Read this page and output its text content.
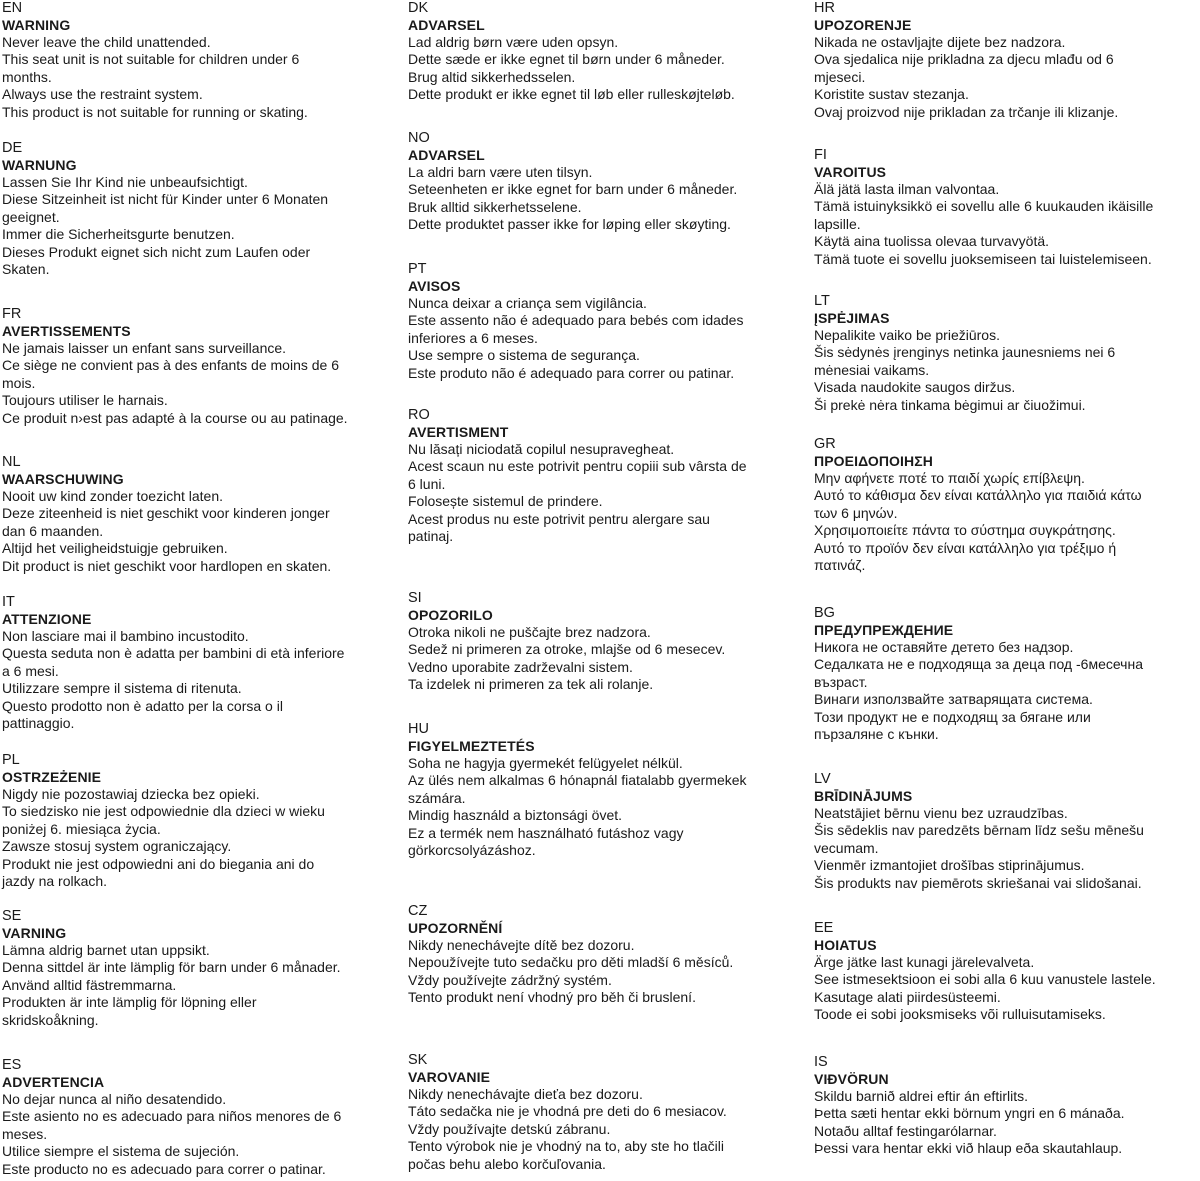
EN
WARNING
Never leave the child unattended.
This seat unit is not suitable for children under 6
months.
Always use the restraint system.
This product is not suitable for running or skating.
DE
WARNUNG
Lassen Sie Ihr Kind nie unbeaufsichtigt.
Diese Sitzeinheit ist nicht für Kinder unter 6 Monaten
geeignet.
Immer die Sicherheitsgurte benutzen.
Dieses Produkt eignet sich nicht zum Laufen oder
Skaten.
FR
AVERTISSEMENTS
Ne jamais laisser un enfant sans surveillance.
Ce siège ne convient pas à des enfants de moins de 6
mois.
Toujours utiliser le harnais.
Ce produit n›est pas adapté à la course ou au patinage.
NL
WAARSCHUWING
Nooit uw kind zonder toezicht laten.
Deze ziteenheid is niet geschikt voor kinderen jonger
dan 6 maanden.
Altijd het veiligheidstuigje gebruiken.
Dit product is niet geschikt voor hardlopen en skaten.
IT
ATTENZIONE
Non lasciare mai il bambino incustodito.
Questa seduta non è adatta per bambini di età inferiore
a 6 mesi.
Utilizzare sempre il sistema di ritenuta.
Questo prodotto non è adatto per la corsa o il
pattinaggio.
PL
OSTRZEŻENIE
Nigdy nie pozostawiaj dziecka bez opieki.
To siedzisko nie jest odpowiednie dla dzieci w wieku
poniżej 6. miesiąca życia.
Zawsze stosuj system ograniczający.
Produkt nie jest odpowiedni ani do biegania ani do
jazdy na rolkach.
SE
VARNING
Lämna aldrig barnet utan uppsikt.
Denna sittdel är inte lämplig för barn under 6 månader.
Använd alltid fästremmarna.
Produkten är inte lämplig för löpning eller
skridskoåkning.
ES
ADVERTENCIA
No dejar nunca al niño desatendido.
Este asiento no es adecuado para niños menores de 6
meses.
Utilice siempre el sistema de sujeción.
Este producto no es adecuado para correr o patinar.
DK
ADVARSEL
Lad aldrig børn være uden opsyn.
Dette sæde er ikke egnet til børn under 6 måneder.
Brug altid sikkerhedsselen.
Dette produkt er ikke egnet til løb eller rulleskøjteløb.
NO
ADVARSEL
La aldri barn være uten tilsyn.
Seteenheten er ikke egnet for barn under 6 måneder.
Bruk alltid sikkerhetsselene.
Dette produktet passer ikke for løping eller skøyting.
PT
AVISOS
Nunca deixar a criança sem vigilância.
Este assento não é adequado para bebés com idades
inferiores a 6 meses.
Use sempre o sistema de segurança.
Este produto não é adequado para correr ou patinar.
RO
AVERTISMENT
Nu lăsați niciodată copilul nesupravegheat.
Acest scaun nu este potrivit pentru copiii sub vârsta de
6 luni.
Folosește sistemul de prindere.
Acest produs nu este potrivit pentru alergare sau
patinaj.
SI
OPOZORILO
Otroka nikoli ne puščajte brez nadzora.
Sedež ni primeren za otroke, mlajše od 6 mesecev.
Vedno uporabite zadrževalni sistem.
Ta izdelek ni primeren za tek ali rolanje.
HU
FIGYELMEZTETÉS
Soha ne hagyja gyermekét felügyelet nélkül.
Az ülés nem alkalmas 6 hónapnál fiatalabb gyermekek
számára.
Mindig használd a biztonsági övet.
Ez a termék nem használható futáshoz vagy
görkorcsolyázáshoz.
CZ
UPOZORNĚNÍ
Nikdy nenechávejte dítě bez dozoru.
Nepoužívejte tuto sedačku pro děti mladší 6 měsíců.
Vždy používejte zádržný systém.
Tento produkt není vhodný pro běh či bruslení.
SK
VAROVANIE
Nikdy nenechávajte dieťa bez dozoru.
Táto sedačka nie je vhodná pre deti do 6 mesiacov.
Vždy používajte detskú zábranu.
Tento výrobok nie je vhodný na to, aby ste ho tlačili
počas behu alebo korčuľovania.
HR
UPOZORENJE
Nikada ne ostavljajte dijete bez nadzora.
Ova sjedalica nije prikladna za djecu mlađu od 6
mjeseci.
Koristite sustav stezanja.
Ovaj proizvod nije prikladan za trčanje ili klizanje.
FI
VAROITUS
Älä jätä lasta ilman valvontaa.
Tämä istuinyksikkö ei sovellu alle 6 kuukauden ikäisille
lapsille.
Käytä aina tuolissa olevaa turvavyötä.
Tämä tuote ei sovellu juoksemiseen tai luistelemiseen.
LT
ĮSPĖJIMAS
Nepalikite vaiko be priežiūros.
Šis sėdynės įrenginys netinka jaunesniems nei 6
mėnesiai vaikams.
Visada naudokite saugos diržus.
Ši prekė nėra tinkama bėgimui ar čiuožimui.
GR
ΠΡΟΕΙΔΟΠΟΙΗΣΗ
Μην αφήνετε ποτέ το παιδί χωρίς επίβλεψη.
Αυτό το κάθισμα δεν είναι κατάλληλο για παιδιά κάτω
των 6 μηνών.
Χρησιμοποιείτε πάντα το σύστημα συγκράτησης.
Αυτό το προϊόν δεν είναι κατάλληλο για τρέξιμο ή
πατινάζ.
BG
ПРЕДУПРЕЖДЕНИЕ
Никога не оставяйте детето без надзор.
Седалката не е подходяща за деца под -6месечна
възраст.
Винаги използвайте затварящата система.
Този продукт не е подходящ за бягане или
пързаляне с кънки.
LV
BRĪDINĀJUMS
Neatstājiet bērnu vienu bez uzraudzības.
Šis sēdeklis nav paredzēts bērnam līdz sešu mēnešu
vecumam.
Vienmēr izmantojiet drošības stiprinājumus.
Šis produkts nav piemērots skriešanai vai slidošanai.
EE
HOIATUS
Ärge jätke last kunagi järelevalveta.
See istmesektsioon ei sobi alla 6 kuu vanustele lastele.
Kasutage alati piirdesüsteemi.
Toode ei sobi jooksmiseks või rulluisutamiseks.
IS
VIÐVÖRUN
Skildu barnið aldrei eftir án eftirlits.
Þetta sæti hentar ekki börnum yngri en 6 mánaða.
Notaðu alltaf festingarólarnar.
Þessi vara hentar ekki við hlaup eða skautahlaup.
